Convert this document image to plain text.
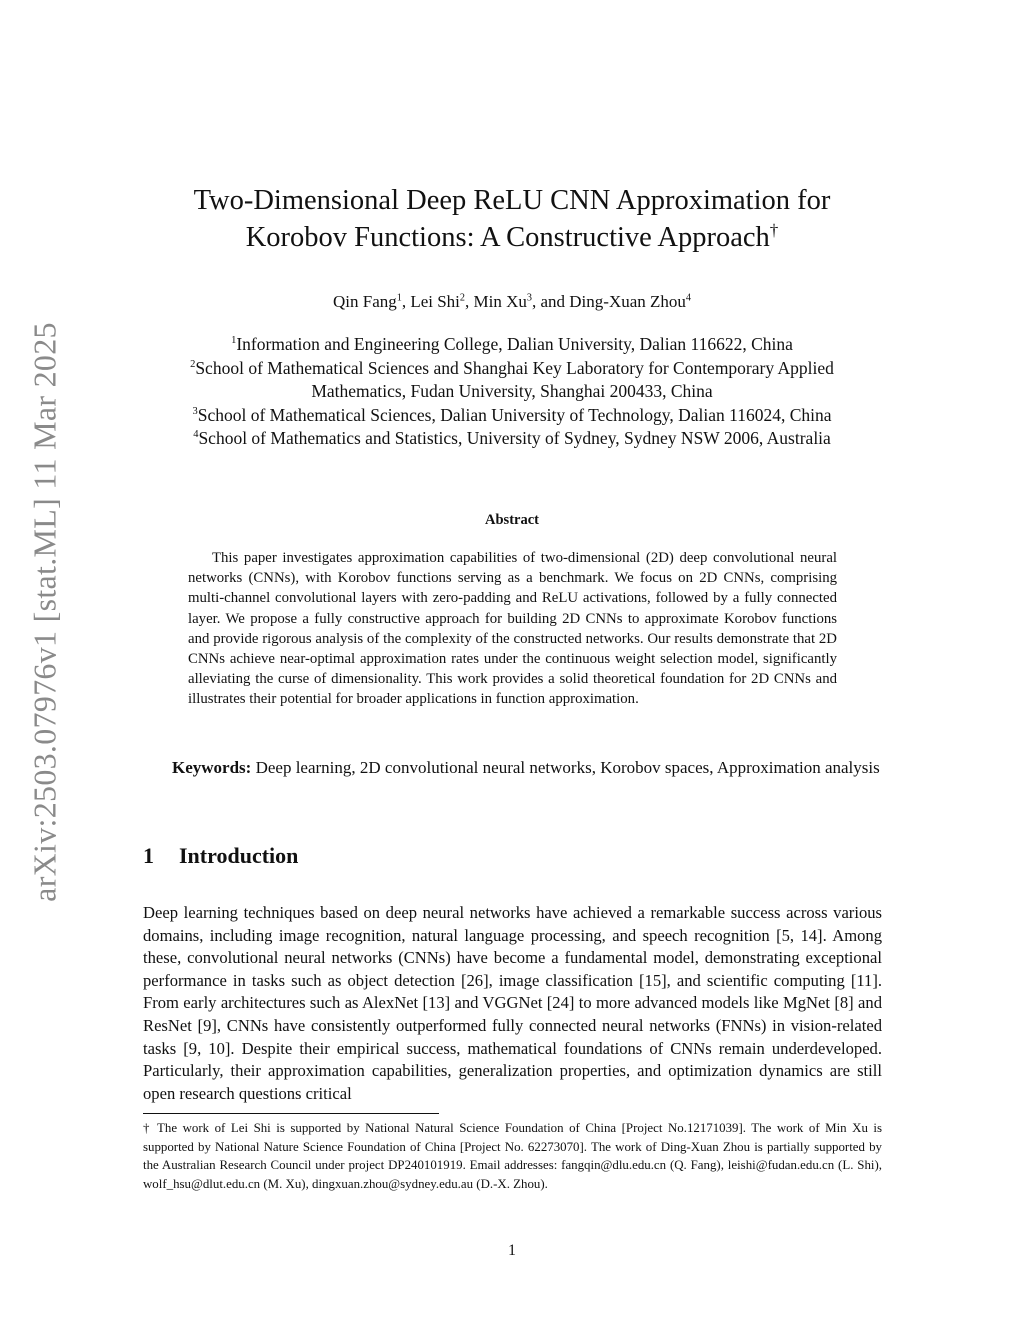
arXiv:2503.07976v1 [stat.ML] 11 Mar 2025
Two-Dimensional Deep ReLU CNN Approximation for
Korobov Functions: A Constructive Approach†
Qin Fang$^1$, Lei Shi$^2$, Min Xu$^3$, and Ding-Xuan Zhou$^4$
$^1$Information and Engineering College, Dalian University, Dalian 116622, China
$^2$School of Mathematical Sciences and Shanghai Key Laboratory for Contemporary Applied
Mathematics, Fudan University, Shanghai 200433, China
$^3$School of Mathematical Sciences, Dalian University of Technology, Dalian 116024, China
$^4$School of Mathematics and Statistics, University of Sydney, Sydney NSW 2006, Australia
Abstract
This paper investigates approximation capabilities of two-dimensional (2D) deep convolutional neural networks (CNNs), with Korobov functions serving as a benchmark. We focus on 2D CNNs, comprising multi-channel convolutional layers with zero-padding and ReLU activations, followed by a fully connected layer. We propose a fully constructive approach for building 2D CNNs to approximate Korobov functions and provide rigorous analysis of the complexity of the constructed networks. Our results demonstrate that 2D CNNs achieve near-optimal approximation rates under the continuous weight selection model, significantly alleviating the curse of dimensionality. This work provides a solid theoretical foundation for 2D CNNs and illustrates their potential for broader applications in function approximation.
Keywords: Deep learning, 2D convolutional neural networks, Korobov spaces, Approximation analysis
1 Introduction
Deep learning techniques based on deep neural networks have achieved a remarkable success across various domains, including image recognition, natural language processing, and speech recognition [5, 14]. Among these, convolutional neural networks (CNNs) have become a fundamental model, demonstrating exceptional performance in tasks such as object detection [26], image classification [15], and scientific computing [11]. From early architectures such as AlexNet [13] and VGGNet [24] to more advanced models like MgNet [8] and ResNet [9], CNNs have consistently outperformed fully connected neural networks (FNNs) in vision-related tasks [9, 10]. Despite their empirical success, mathematical foundations of CNNs remain underdeveloped. Particularly, their approximation capabilities, generalization properties, and optimization dynamics are still open research questions critical
† The work of Lei Shi is supported by National Natural Science Foundation of China [Project No.12171039]. The work of Min Xu is supported by National Nature Science Foundation of China [Project No. 62273070]. The work of Ding-Xuan Zhou is partially supported by the Australian Research Council under project DP240101919. Email addresses: fangqin@dlu.edu.cn (Q. Fang), leishi@fudan.edu.cn (L. Shi), wolf_hsu@dlut.edu.cn (M. Xu), dingxuan.zhou@sydney.edu.au (D.-X. Zhou).
1
